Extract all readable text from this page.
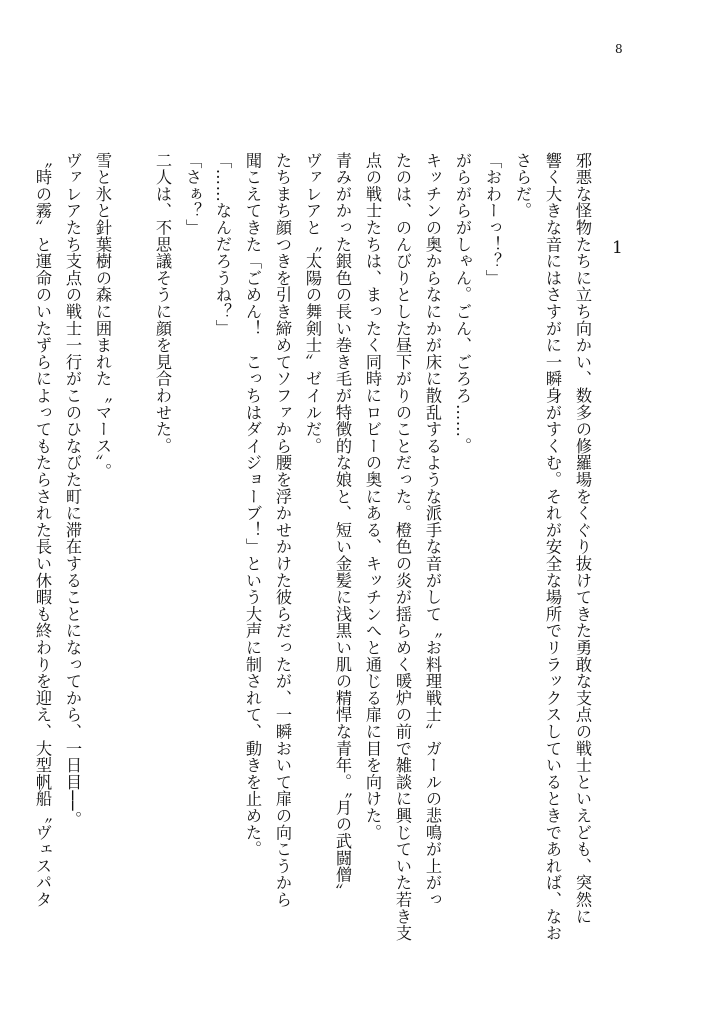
8
1
邪悪な怪物たちに立ち向かい、数多の修羅場をくぐり抜けてきた勇敢な支点の戦士といえども、突然に
響く大きな音にはさすがに一瞬身がすくむ。それが安全な場所でリラックスしているときであれば、なお
さらだ。
「おわーっ！？」
がらがらがしゃん。ごん、ごろろ……。
キッチンの奥からなにかが床に散乱するような派手な音がして〝お料理戦士〟ガールの悲鳴が上がっ
たのは、のんびりとした昼下がりのことだった。橙色の炎が揺らめく暖炉の前で雑談に興じていた若き支
点の戦士たちは、まったく同時にロビーの奥にある、キッチンへと通じる扉に目を向けた。
青みがかった銀色の長い巻き毛が特徴的な娘と、短い金髪に浅黒い肌の精悍な青年。〝月の武闘僧〟
ヴァレアと〝太陽の舞剣士〟ゼイルだ。
たちまち顔つきを引き締めてソファから腰を浮かせかけた彼らだったが、一瞬おいて扉の向こうから
聞こえてきた「ごめん！　こっちはダイジョーブ！」という大声に制されて、動きを止めた。
「……なんだろうね？」
「さぁ？」
二人は、不思議そうに顔を見合わせた。
雪と氷と針葉樹の森に囲まれた〝マース〟。
ヴァレアたち支点の戦士一行がこのひなびた町に滞在することになってから、一日目──。
〝時の霧〟と運命のいたずらによってもたらされた長い休暇も終わりを迎え、大型帆船〝ヴェスパタ
